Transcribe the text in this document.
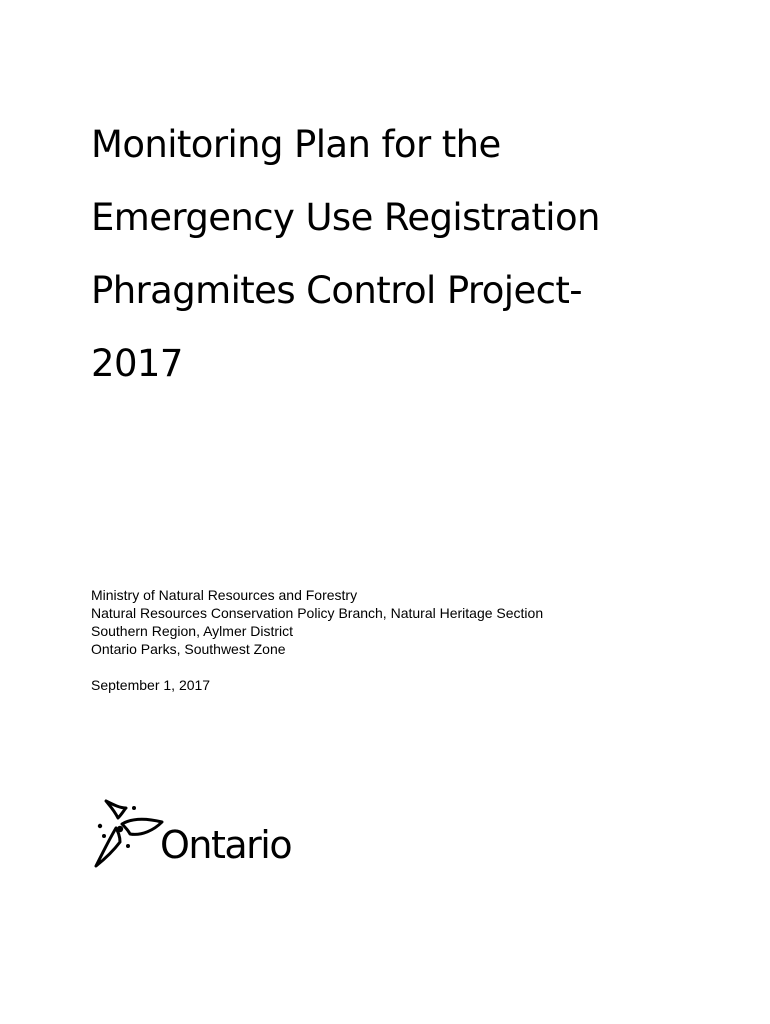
Monitoring Plan for the
Emergency Use Registration
Phragmites Control Project-
2017
Ministry of Natural Resources and Forestry
Natural Resources Conservation Policy Branch, Natural Heritage Section
Southern Region, Aylmer District
Ontario Parks, Southwest Zone
September 1, 2017
Ontario
